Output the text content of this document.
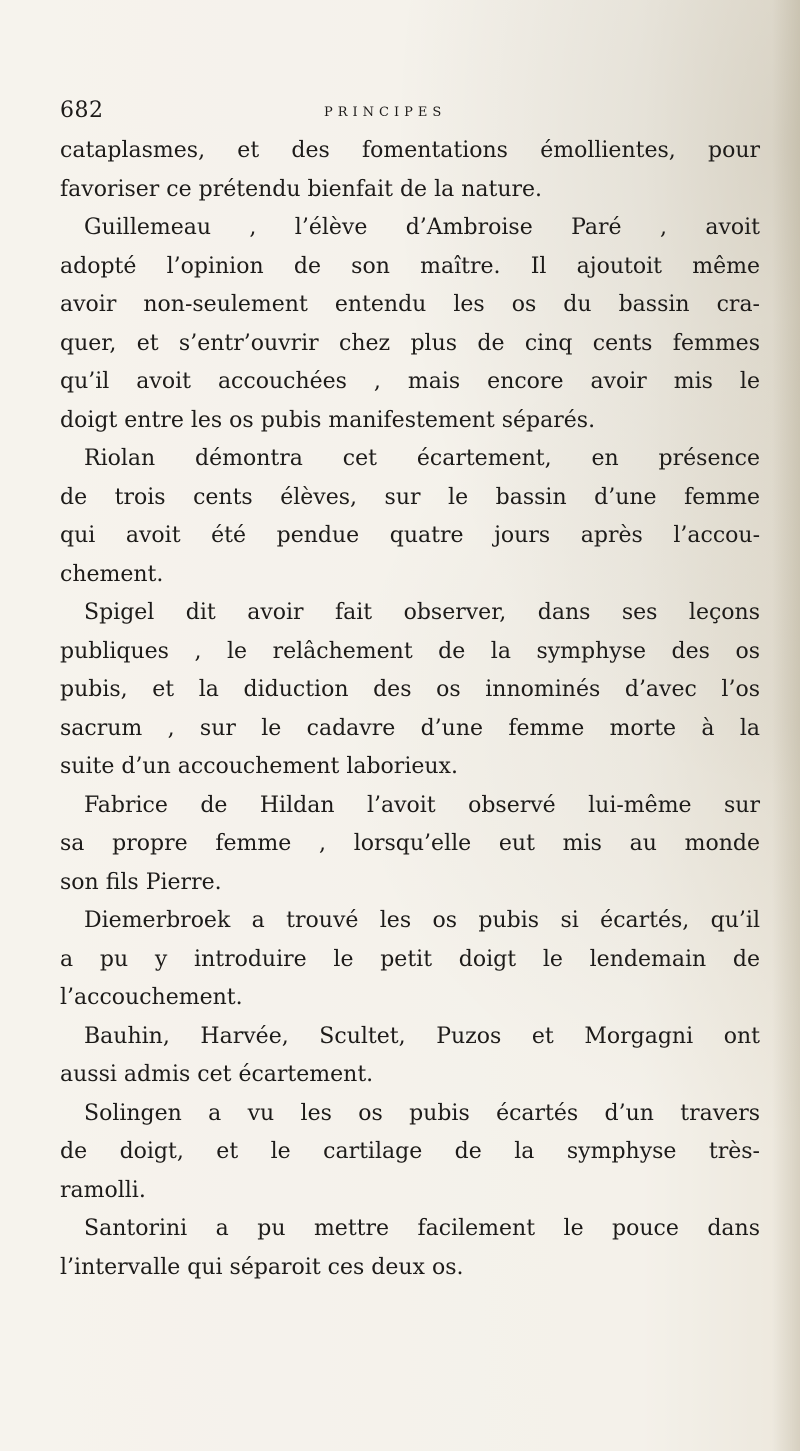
682	PRINCIPES
cataplasmes, et des fomentations émollientes, pour
favoriser ce prétendu bienfait de la nature.
Guillemeau , l’élève d’Ambroise Paré , avoit
adopté l’opinion de son maître. Il ajoutoit même
avoir non-seulement entendu les os du bassin cra-
quer, et s’entr’ouvrir chez plus de cinq cents femmes
qu’il avoit accouchées , mais encore avoir mis le
doigt entre les os pubis manifestement séparés.
Riolan démontra cet écartement, en présence
de trois cents élèves, sur le bassin d’une femme
qui avoit été pendue quatre jours après l’accou-
chement.
Spigel dit avoir fait observer, dans ses leçons
publiques , le relâchement de la symphyse des os
pubis, et la diduction des os innominés d’avec l’os
sacrum , sur le cadavre d’une femme morte à la
suite d’un accouchement laborieux.
Fabrice de Hildan l’avoit observé lui-même sur
sa propre femme , lorsqu’elle eut mis au monde
son fils Pierre.
Diemerbroek a trouvé les os pubis si écartés, qu’il
a pu y introduire le petit doigt le lendemain de
l’accouchement.
Bauhin, Harvée, Scultet, Puzos et Morgagni ont
aussi admis cet écartement.
Solingen a vu les os pubis écartés d’un travers
de doigt, et le cartilage de la symphyse très-
ramolli.
Santorini a pu mettre facilement le pouce dans
l’intervalle qui séparoit ces deux os.
